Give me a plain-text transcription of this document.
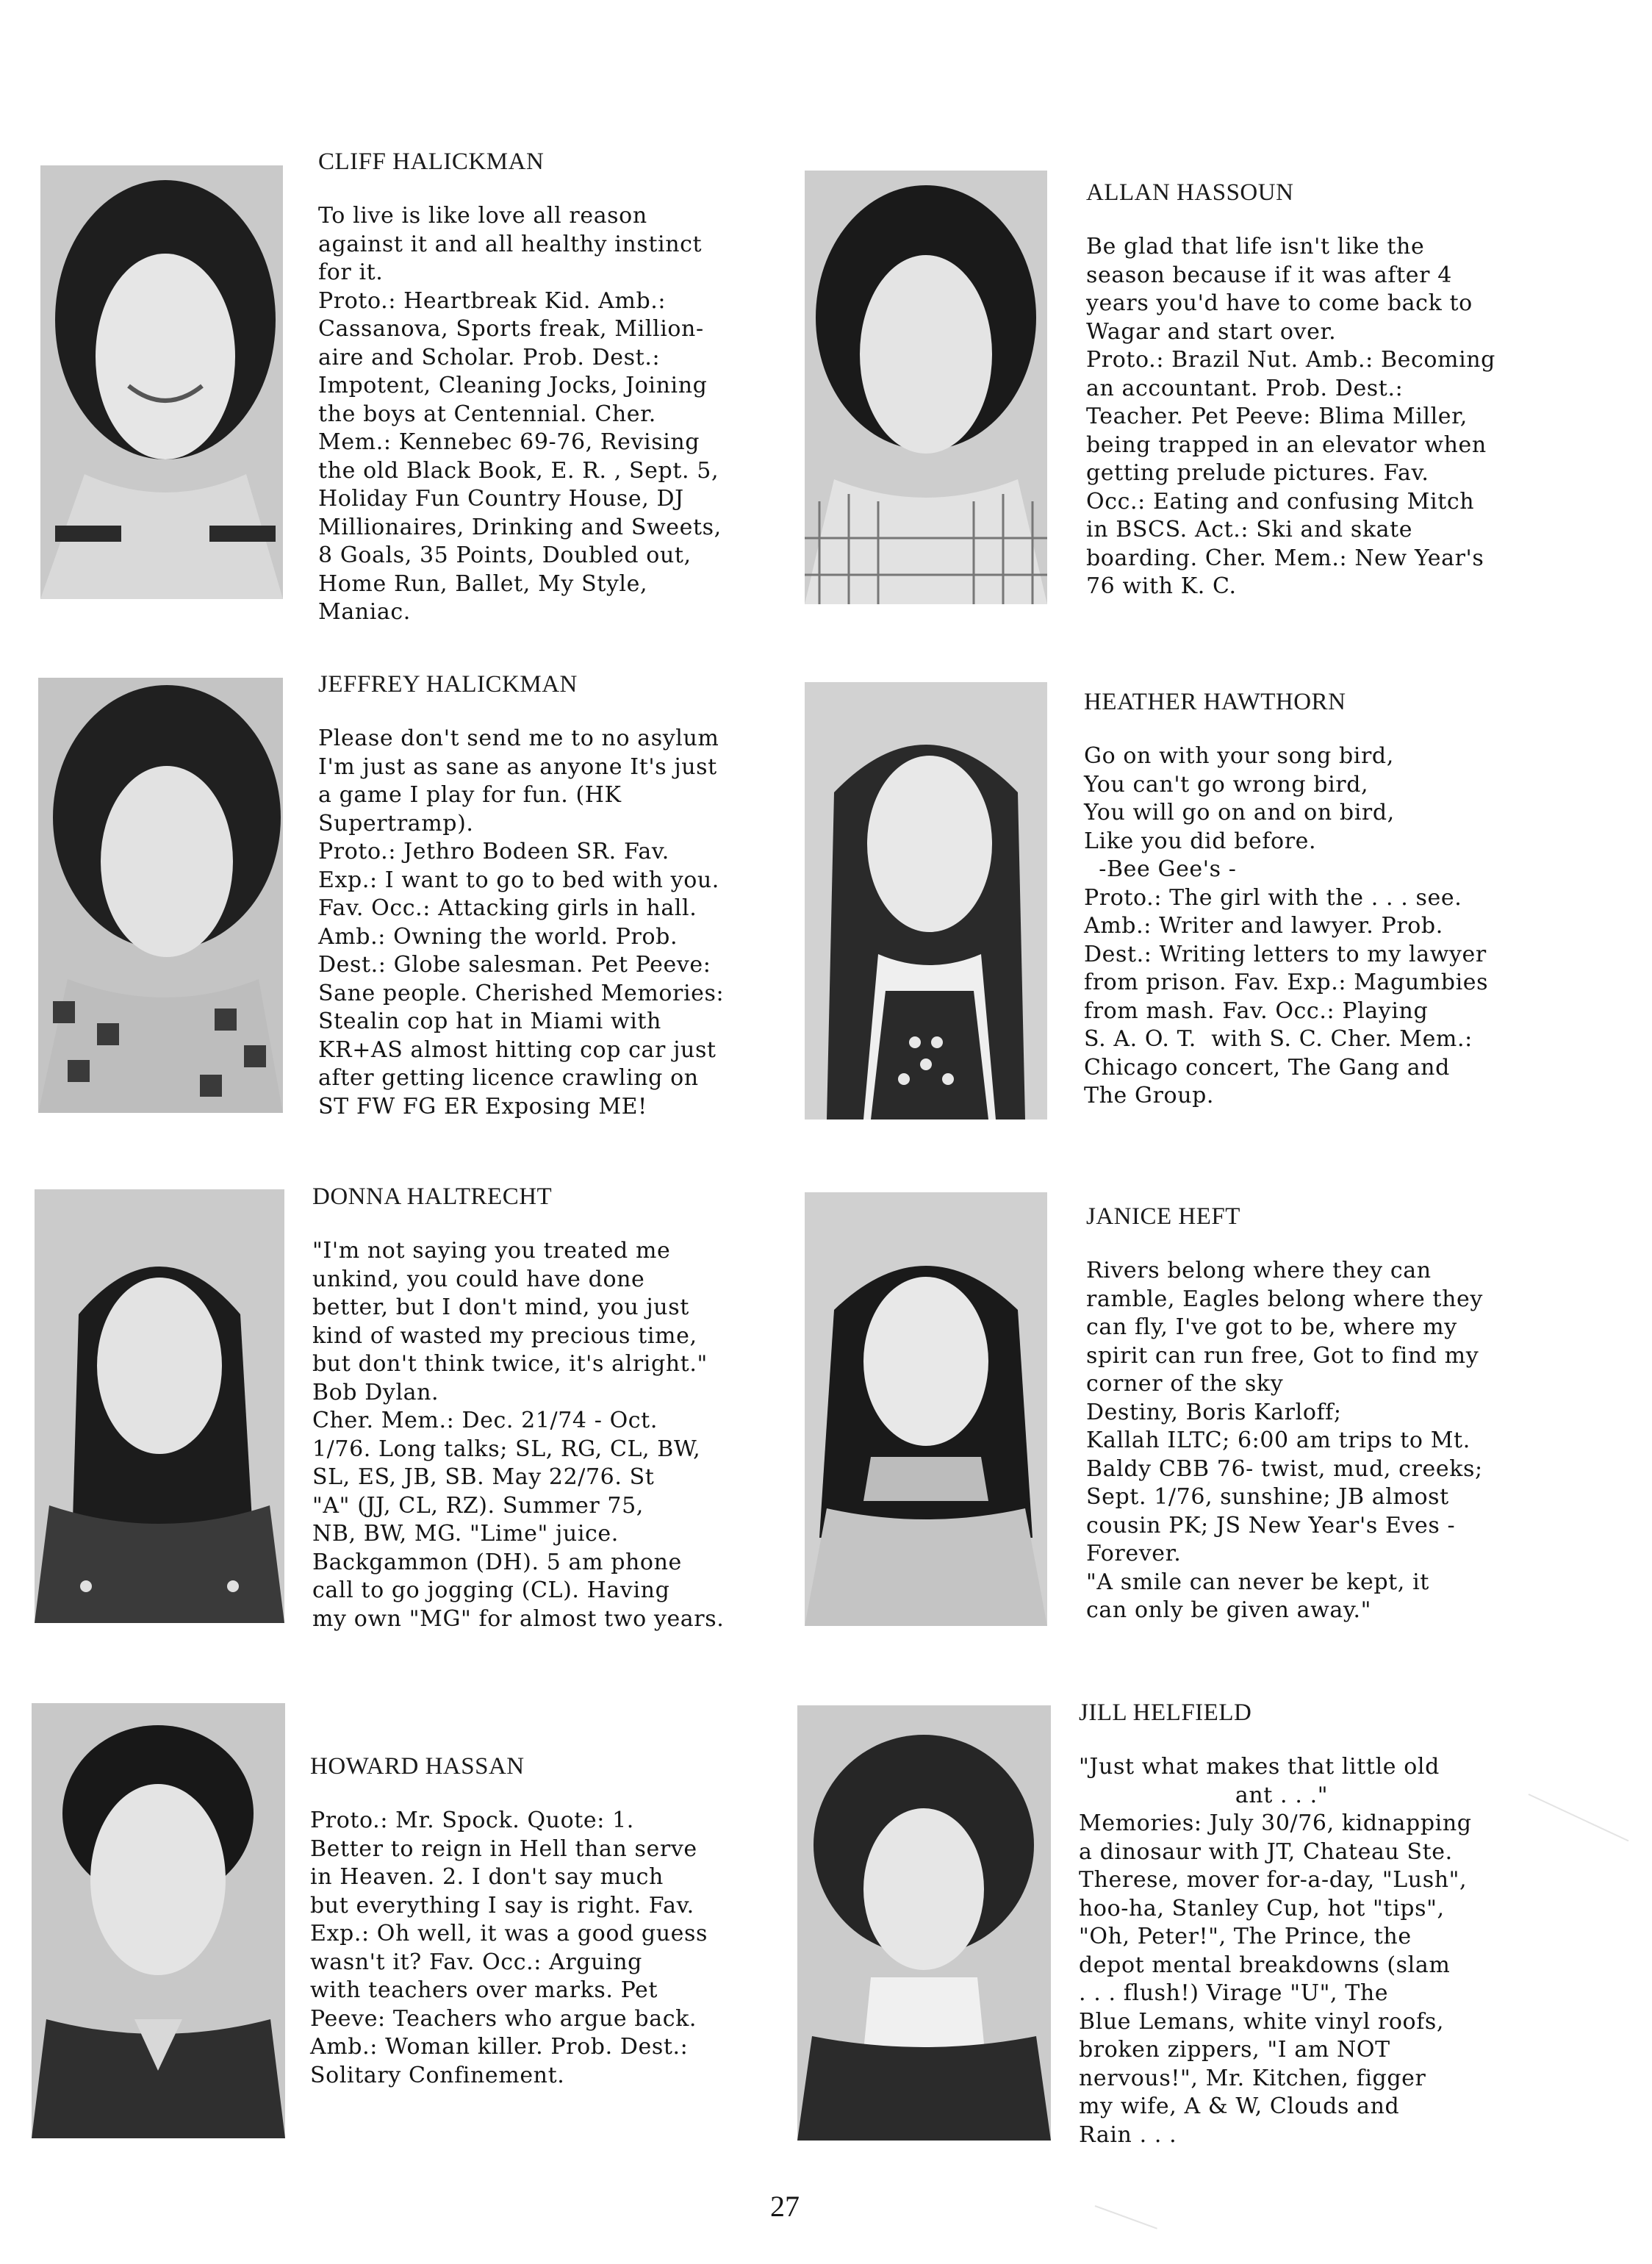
CLIFF HALICKMAN

To live is like love all reason
against it and all healthy instinct
for it.
Proto.: Heartbreak Kid. Amb.:
Cassanova, Sports freak, Million-
aire and Scholar. Prob. Dest.:
Impotent, Cleaning Jocks, Joining
the boys at Centennial. Cher.
Mem.: Kennebec 69-76, Revising
the old Black Book, E. R. , Sept. 5,
Holiday Fun Country House, DJ
Millionaires, Drinking and Sweets,
8 Goals, 35 Points, Doubled out,
Home Run, Ballet, My Style,
Maniac.

ALLAN HASSOUN

Be glad that life isn't like the
season because if it was after 4
years you'd have to come back to
Wagar and start over.
Proto.: Brazil Nut. Amb.: Becoming
an accountant. Prob. Dest.:
Teacher. Pet Peeve: Blima Miller,
being trapped in an elevator when
getting prelude pictures. Fav.
Occ.: Eating and confusing Mitch
in BSCS. Act.: Ski and skate
boarding. Cher. Mem.: New Year's
76 with K. C.

JEFFREY HALICKMAN

Please don't send me to no asylum
I'm just as sane as anyone It's just
a game I play for fun. (HK
Supertramp).
Proto.: Jethro Bodeen SR. Fav.
Exp.: I want to go to bed with you.
Fav. Occ.: Attacking girls in hall.
Amb.: Owning the world. Prob.
Dest.: Globe salesman. Pet Peeve:
Sane people. Cherished Memories:
Stealin cop hat in Miami with
KR+AS almost hitting cop car just
after getting licence crawling on
ST FW FG ER Exposing ME!

HEATHER HAWTHORN

Go on with your song bird,
You can't go wrong bird,
You will go on and on bird,
Like you did before.
-Bee Gee's -
Proto.: The girl with the . . . see.
Amb.: Writer and lawyer. Prob.
Dest.: Writing letters to my lawyer
from prison. Fav. Exp.: Magumbies
from mash. Fav. Occ.: Playing
S. A. O. T.  with S. C. Cher. Mem.:
Chicago concert, The Gang and
The Group.

DONNA HALTRECHT

"I'm not saying you treated me
unkind, you could have done
better, but I don't mind, you just
kind of wasted my precious time,
but don't think twice, it's alright."
Bob Dylan.
Cher. Mem.: Dec. 21/74 - Oct.
1/76. Long talks; SL, RG, CL, BW,
SL, ES, JB, SB. May 22/76. St
"A" (JJ, CL, RZ). Summer 75,
NB, BW, MG. "Lime" juice.
Backgammon (DH). 5 am phone
call to go jogging (CL). Having
my own "MG" for almost two years.

JANICE HEFT

Rivers belong where they can
ramble, Eagles belong where they
can fly, I've got to be, where my
spirit can run free, Got to find my
corner of the sky
Destiny, Boris Karloff;
Kallah ILTC; 6:00 am trips to Mt.
Baldy CBB 76- twist, mud, creeks;
Sept. 1/76, sunshine; JB almost
cousin PK; JS New Year's Eves -
Forever.
"A smile can never be kept, it
can only be given away."

HOWARD HASSAN

Proto.: Mr. Spock. Quote: 1.
Better to reign in Hell than serve
in Heaven. 2. I don't say much
but everything I say is right. Fav.
Exp.: Oh well, it was a good guess
wasn't it? Fav. Occ.: Arguing
with teachers over marks. Pet
Peeve: Teachers who argue back.
Amb.: Woman killer. Prob. Dest.:
Solitary Confinement.

JILL HELFIELD

"Just what makes that little old
ant . . ."
Memories: July 30/76, kidnapping
a dinosaur with JT, Chateau Ste.
Therese, mover for-a-day, "Lush",
hoo-ha, Stanley Cup, hot "tips",
"Oh, Peter!", The Prince, the
depot mental breakdowns (slam
. . . flush!) Virage "U", The
Blue Lemans, white vinyl roofs,
broken zippers, "I am NOT
nervous!", Mr. Kitchen, figger
my wife, A & W, Clouds and
Rain . . .

27
